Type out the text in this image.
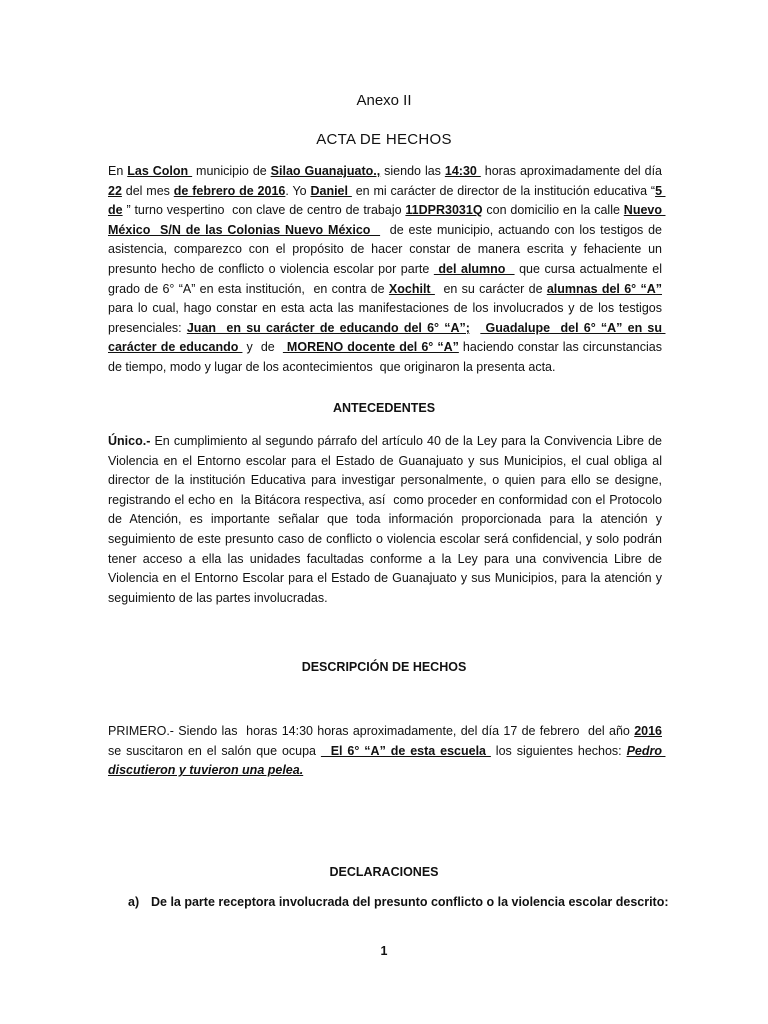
Anexo II
ACTA DE HECHOS
En Las Colon  municipio de Silao Guanajuato., siendo las 14:30  horas aproximadamente del día 22 del mes de febrero de 2016. Yo Daniel  en mi carácter de director de la institución educativa “5 de ” turno vespertino  con clave de centro de trabajo 11DPR3031Q con domicilio en la calle Nuevo México  S/N de las Colonias Nuevo México    de este municipio, actuando con los testigos de asistencia, comparezco con el propósito de hacer constar de manera escrita y fehaciente un presunto hecho de conflicto o violencia escolar por parte  del alumno   que cursa actualmente el grado de 6° “A” en esta institución,  en contra de Xochilt   en su carácter de alumnas del 6° “A” para lo cual, hago constar en esta acta las manifestaciones de los involucrados y de los testigos presenciales: Juan  en su carácter de educando del 6° “A”;   Guadalupe  del 6° “A” en su carácter de educando  y  de   MORENO docente del 6° “A” haciendo constar las circunstancias de tiempo, modo y lugar de los acontecimientos  que originaron la presenta acta.
ANTECEDENTES
Único.- En cumplimiento al segundo párrafo del artículo 40 de la Ley para la Convivencia Libre de Violencia en el Entorno escolar para el Estado de Guanajuato y sus Municipios, el cual obliga al director de la institución Educativa para investigar personalmente, o quien para ello se designe, registrando el echo en  la Bitácora respectiva, así  como proceder en conformidad con el Protocolo de Atención, es importante señalar que toda información proporcionada para la atención y seguimiento de este presunto caso de conflicto o violencia escolar será confidencial, y solo podrán tener acceso a ella las unidades facultadas conforme a la Ley para una convivencia Libre de Violencia en el Entorno Escolar para el Estado de Guanajuato y sus Municipios, para la atención y seguimiento de las partes involucradas.
DESCRIPCIÓN DE HECHOS
PRIMERO.- Siendo las  horas 14:30 horas aproximadamente, del día 17 de febrero  del año 2016 se suscitaron en el salón que ocupa   El 6° “A” de esta escuela  los siguientes hechos: Pedro discutieron y tuvieron una pelea.
DECLARACIONES
a) De la parte receptora involucrada del presunto conflicto o la violencia escolar descrito:
1
